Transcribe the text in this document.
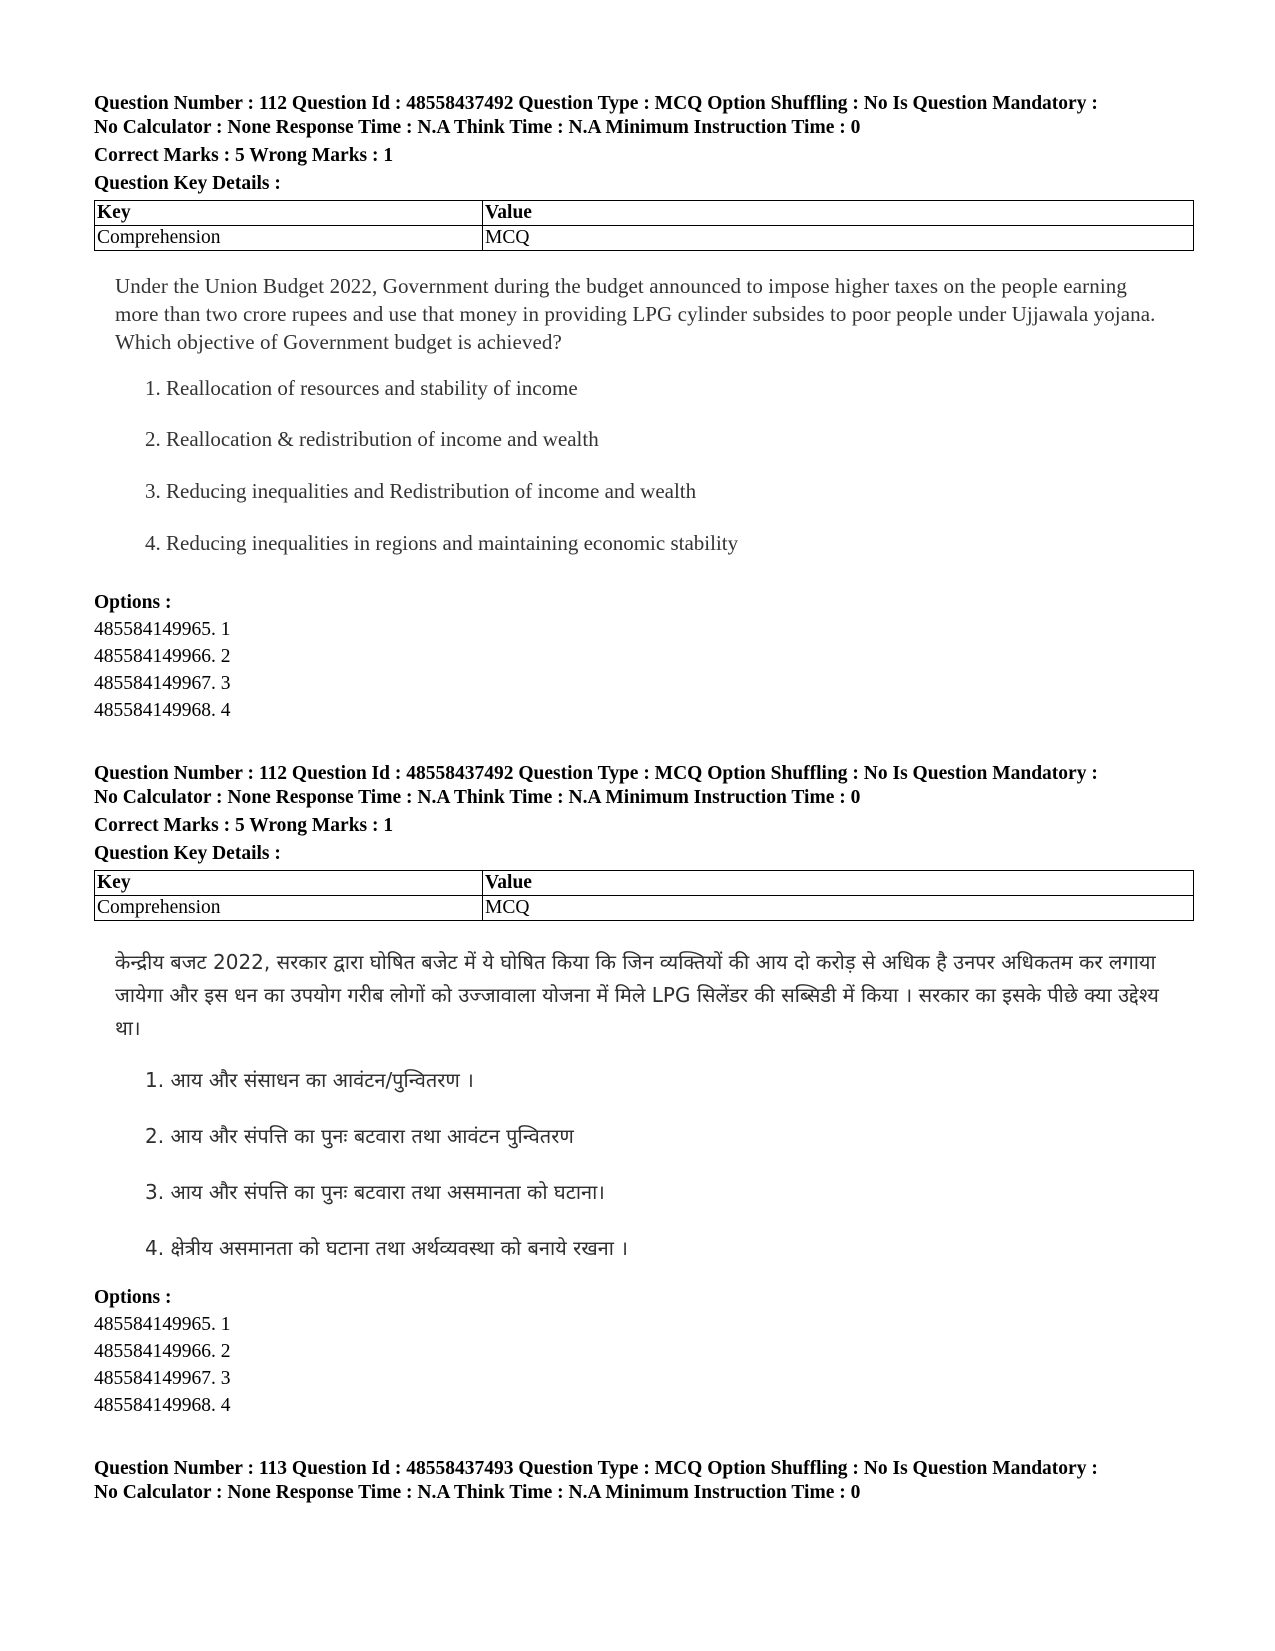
Question Number : 112 Question Id : 48558437492 Question Type : MCQ Option Shuffling : No Is Question Mandatory :
No Calculator : None Response Time : N.A Think Time : N.A Minimum Instruction Time : 0
Correct Marks : 5 Wrong Marks : 1
Question Key Details :
Key	Value
Comprehension	MCQ
Under the Union Budget 2022, Government during the budget announced to impose higher taxes on the people earning more than two crore rupees and use that money in providing LPG cylinder subsides to poor people under Ujjawala yojana. Which objective of Government budget is achieved?
1. Reallocation of resources and stability of income
2. Reallocation & redistribution of income and wealth
3. Reducing inequalities and Redistribution of income and wealth
4. Reducing inequalities in regions and maintaining economic stability
Options :
485584149965. 1
485584149966. 2
485584149967. 3
485584149968. 4
Question Number : 112 Question Id : 48558437492 Question Type : MCQ Option Shuffling : No Is Question Mandatory :
No Calculator : None Response Time : N.A Think Time : N.A Minimum Instruction Time : 0
Correct Marks : 5 Wrong Marks : 1
Question Key Details :
Key	Value
Comprehension	MCQ
केन्द्रीय बजट 2022, सरकार द्वारा घोषित बजेट में ये घोषित किया कि जिन व्यक्तियों की आय दो करोड़ से अधिक है उनपर अधिकतम कर लगाया जायेगा और इस धन का उपयोग गरीब लोगों को उज्जावाला योजना में मिले LPG सिलेंडर की सब्सिडी में किया । सरकार का इसके पीछे क्या उद्देश्य था।
1. आय और संसाधन का आवंटन/पुन्वितरण ।
2. आय और संपत्ति का पुनः बटवारा तथा आवंटन पुन्वितरण
3. आय और संपत्ति का पुनः बटवारा तथा असमानता को घटाना।
4. क्षेत्रीय असमानता को घटाना तथा अर्थव्यवस्था को बनाये रखना ।
Options :
485584149965. 1
485584149966. 2
485584149967. 3
485584149968. 4
Question Number : 113 Question Id : 48558437493 Question Type : MCQ Option Shuffling : No Is Question Mandatory :
No Calculator : None Response Time : N.A Think Time : N.A Minimum Instruction Time : 0
